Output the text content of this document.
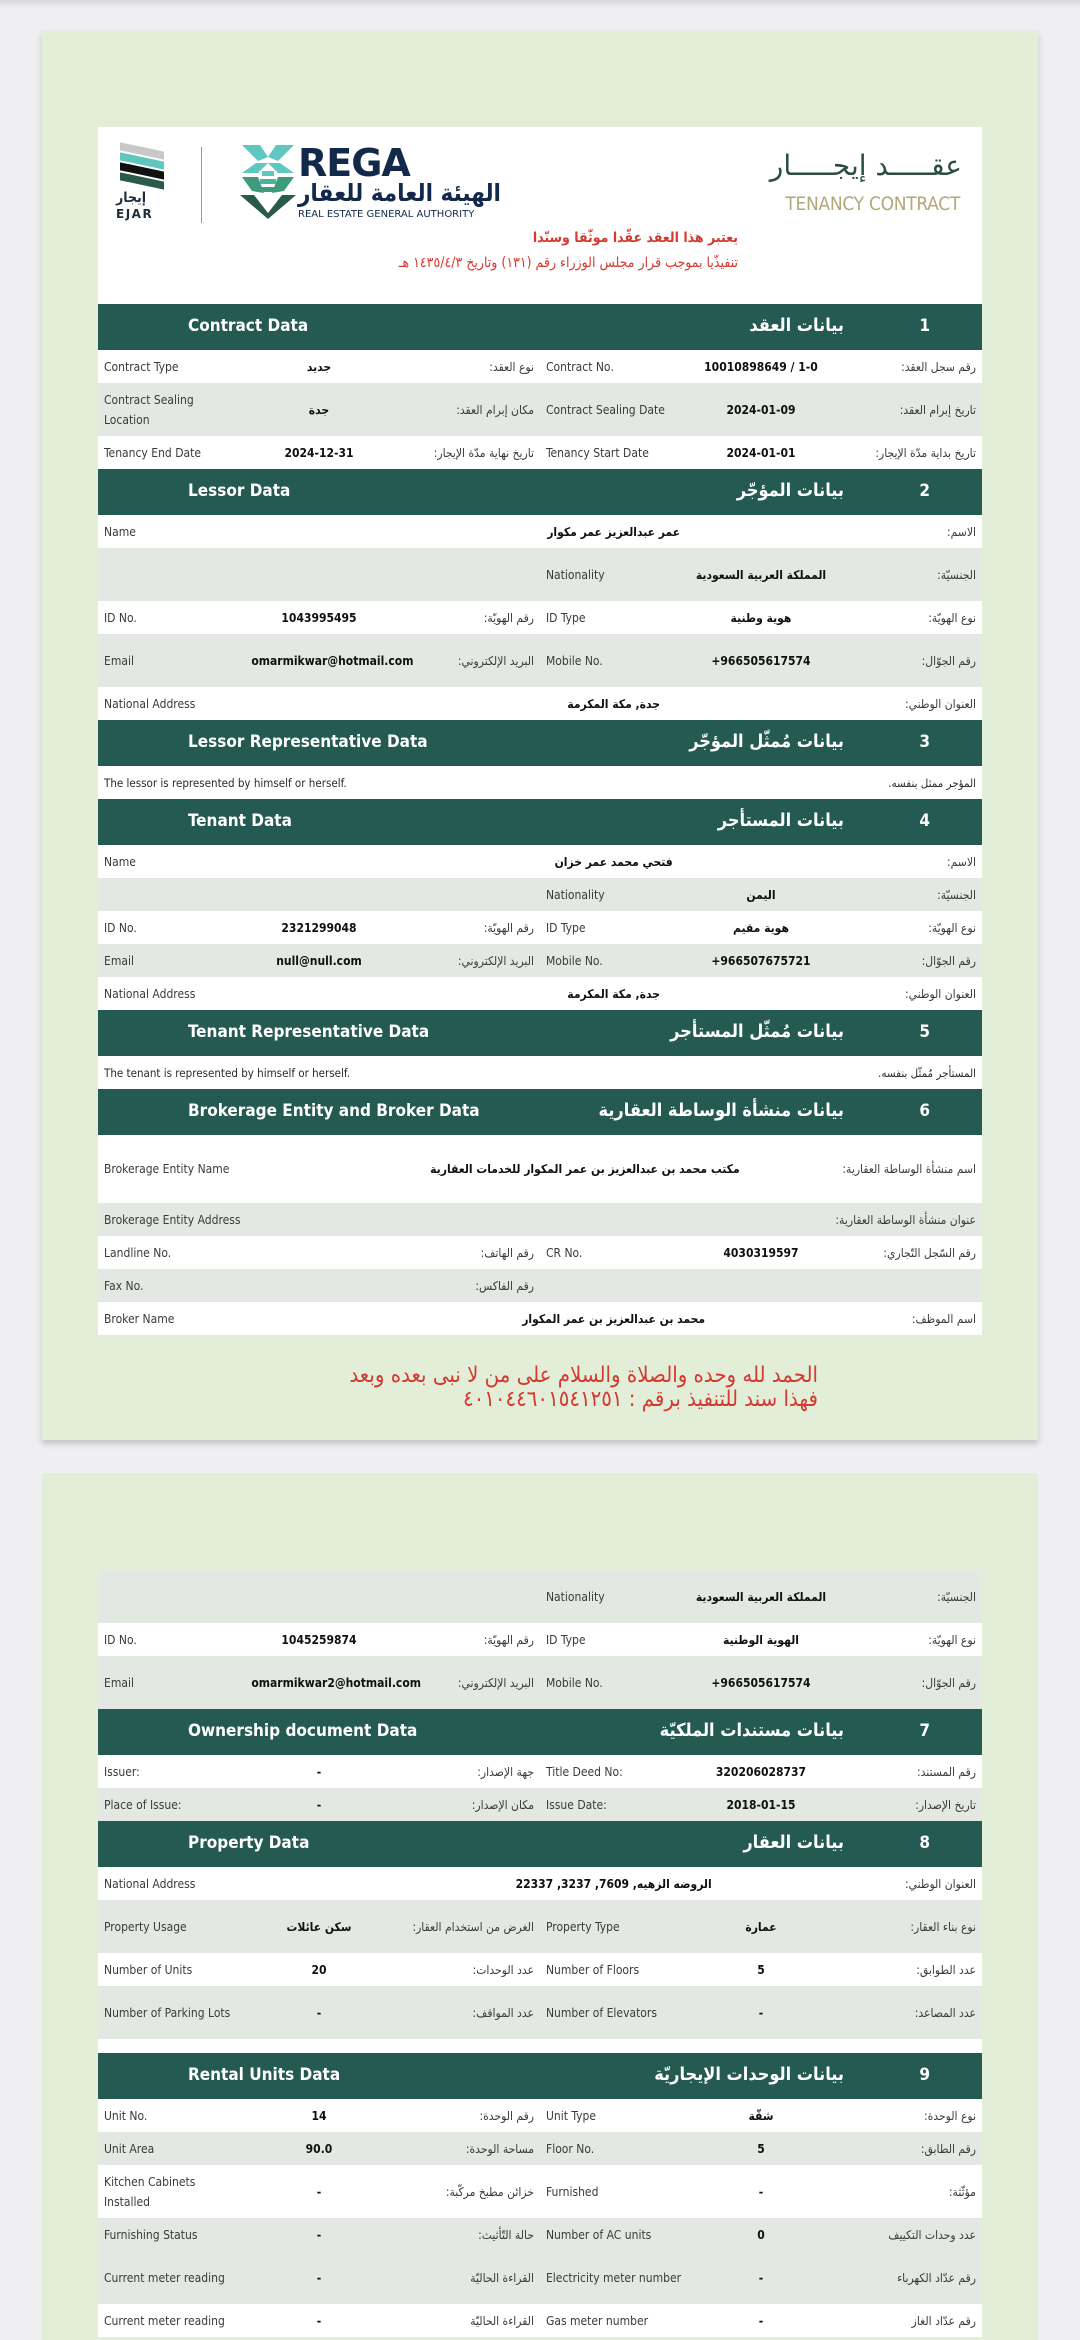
إيجار
EJAR
REGA
الهيئة العامة للعقار
REAL ESTATE GENERAL AUTHORITY
عقـــــد إيجـــــار
TENANCY CONTRACT
يعتبر هذا العقد عقّدا موثّقا وسنّدا
تنفيذّيا بموجب قرار مجلس الوزراء رقم (١٣١) وتاريخ ١٤٣٥/٤/٣ هـ
Contract Data	بيانات العقد	1
Contract Type	جديد	نوع العقد:	Contract No.	10010898649 / 1-0	رقم سجل العقد:
Contract Sealing Location
جدة	مكان إبرام العقد:	Contract Sealing Date	2024-01-09	تاريخ إبرام العقد:
Tenancy End Date	2024-12-31	تاريخ نهاية مدّة الإيجار:	Tenancy Start Date	2024-01-01	تاريخ بداية مدّة الإيجار:
Lessor Data	بيانات المؤجّر	2
Name	عمر عبدالعزيز عمر مكوار	الاسم:
Nationality	المملكة العربية السعودية	الجنسيّة:
ID No.	1043995495	رقم الهويّة:	ID Type	هوية وطنية	نوع الهويّة:
Email	omarmikwar@hotmail.com	البريد الإلكتروني:	Mobile No.	+966505617574	رقم الجوّال:
National Address	جدة, مكة المكرمة	العنوان الوطني:
Lessor Representative Data	بيانات مُمثّل المؤجّر	3
The lessor is represented by himself or herself.	المؤجر ممثل بنفسه.
Tenant Data	بيانات المستأجر	4
Name	فتحي محمد عمر خزان	الاسم:
Nationality	اليمن	الجنسيّة:
ID No.	2321299048	رقم الهويّة:	ID Type	هوية مقيم	نوع الهويّة:
Email	null@null.com	البريد الإلكتروني:	Mobile No.	+966507675721	رقم الجوّال:
National Address	جدة, مكة المكرمة	العنوان الوطني:
Tenant Representative Data	بيانات مُمثّل المستأجر	5
The tenant is represented by himself or herself.	المستأجر مُمثّل بنفسه.
Brokerage Entity and Broker Data	بيانات منشأة الوساطة العقارية	6
Brokerage Entity Name	مكتب محمد بن عبدالعزيز بن عمر المكوار للخدمات العقارية	اسم منشأة الوساطة العقارية:
Brokerage Entity Address	عنوان منشأة الوساطة العقارية:
Landline No.	رقم الهاتف:	CR No.	4030319597	رقم السّجل التّجاري:
Fax No.	رقم الفاكس:
Broker Name	محمد بن عبدالعزيز بن عمر المكوار	اسم الموظف:
الحمد لله وحده والصلاة والسلام على من لا نبى بعده وبعد
فهذا سند للتنفيذ برقم : ٤٠١٠٤٤٦٠١٥٤١٢٥١
Nationality	المملكة العربية السعودية	الجنسيّة:
ID No.	1045259874	رقم الهويّة:	ID Type	الهوية الوطنية	نوع الهويّة:
Email	omarmikwar2@hotmail.com	البريد الإلكتروني:	Mobile No.	+966505617574	رقم الجوّال:
Ownership document Data	بيانات مستندات الملكيّة	7
Issuer:	-	جهة الإصدار:	Title Deed No:	320206028737	رقم المستند:
Place of Issue:	-	مكان الإصدار:	Issue Date:	2018-01-15	تاريخ الإصدار:
Property Data	بيانات العقار	8
National Address	الروضه الزهيه, 7609, 3237, 22337	العنوان الوطني:
Property Usage	سكن عائلات	الغرض من استخدام العقار:	Property Type	عمارة	نوع بناء العقار:
Number of Units	20	عدد الوحدات:	Number of Floors	5	عدد الطوابق:
Number of Parking Lots	-	عدد المواقف:	Number of Elevators	-	عدد المصاعد:
Rental Units Data	بيانات الوحدات الإيجاريّة	9
Unit No.	14	رقم الوحدة:	Unit Type	شقّة	نوع الوحدة:
Unit Area	90.0	مساحة الوحدة:	Floor No.	5	رقم الطابق:
Kitchen Cabinets Installed
-	خزائن مطبخ مركّبة:	Furnished	-	مؤثّثة:
Furnishing Status	-	حالة التّأثيث:	Number of AC units	0	عدد وحدات التكييف
Current meter reading	-	القراءة الحاليّة	Electricity meter number	-	رقم عدّاد الكهرباء
Current meter reading	-	القراءة الحاليّة	Gas meter number	-	رقم عدّاد الغاز
